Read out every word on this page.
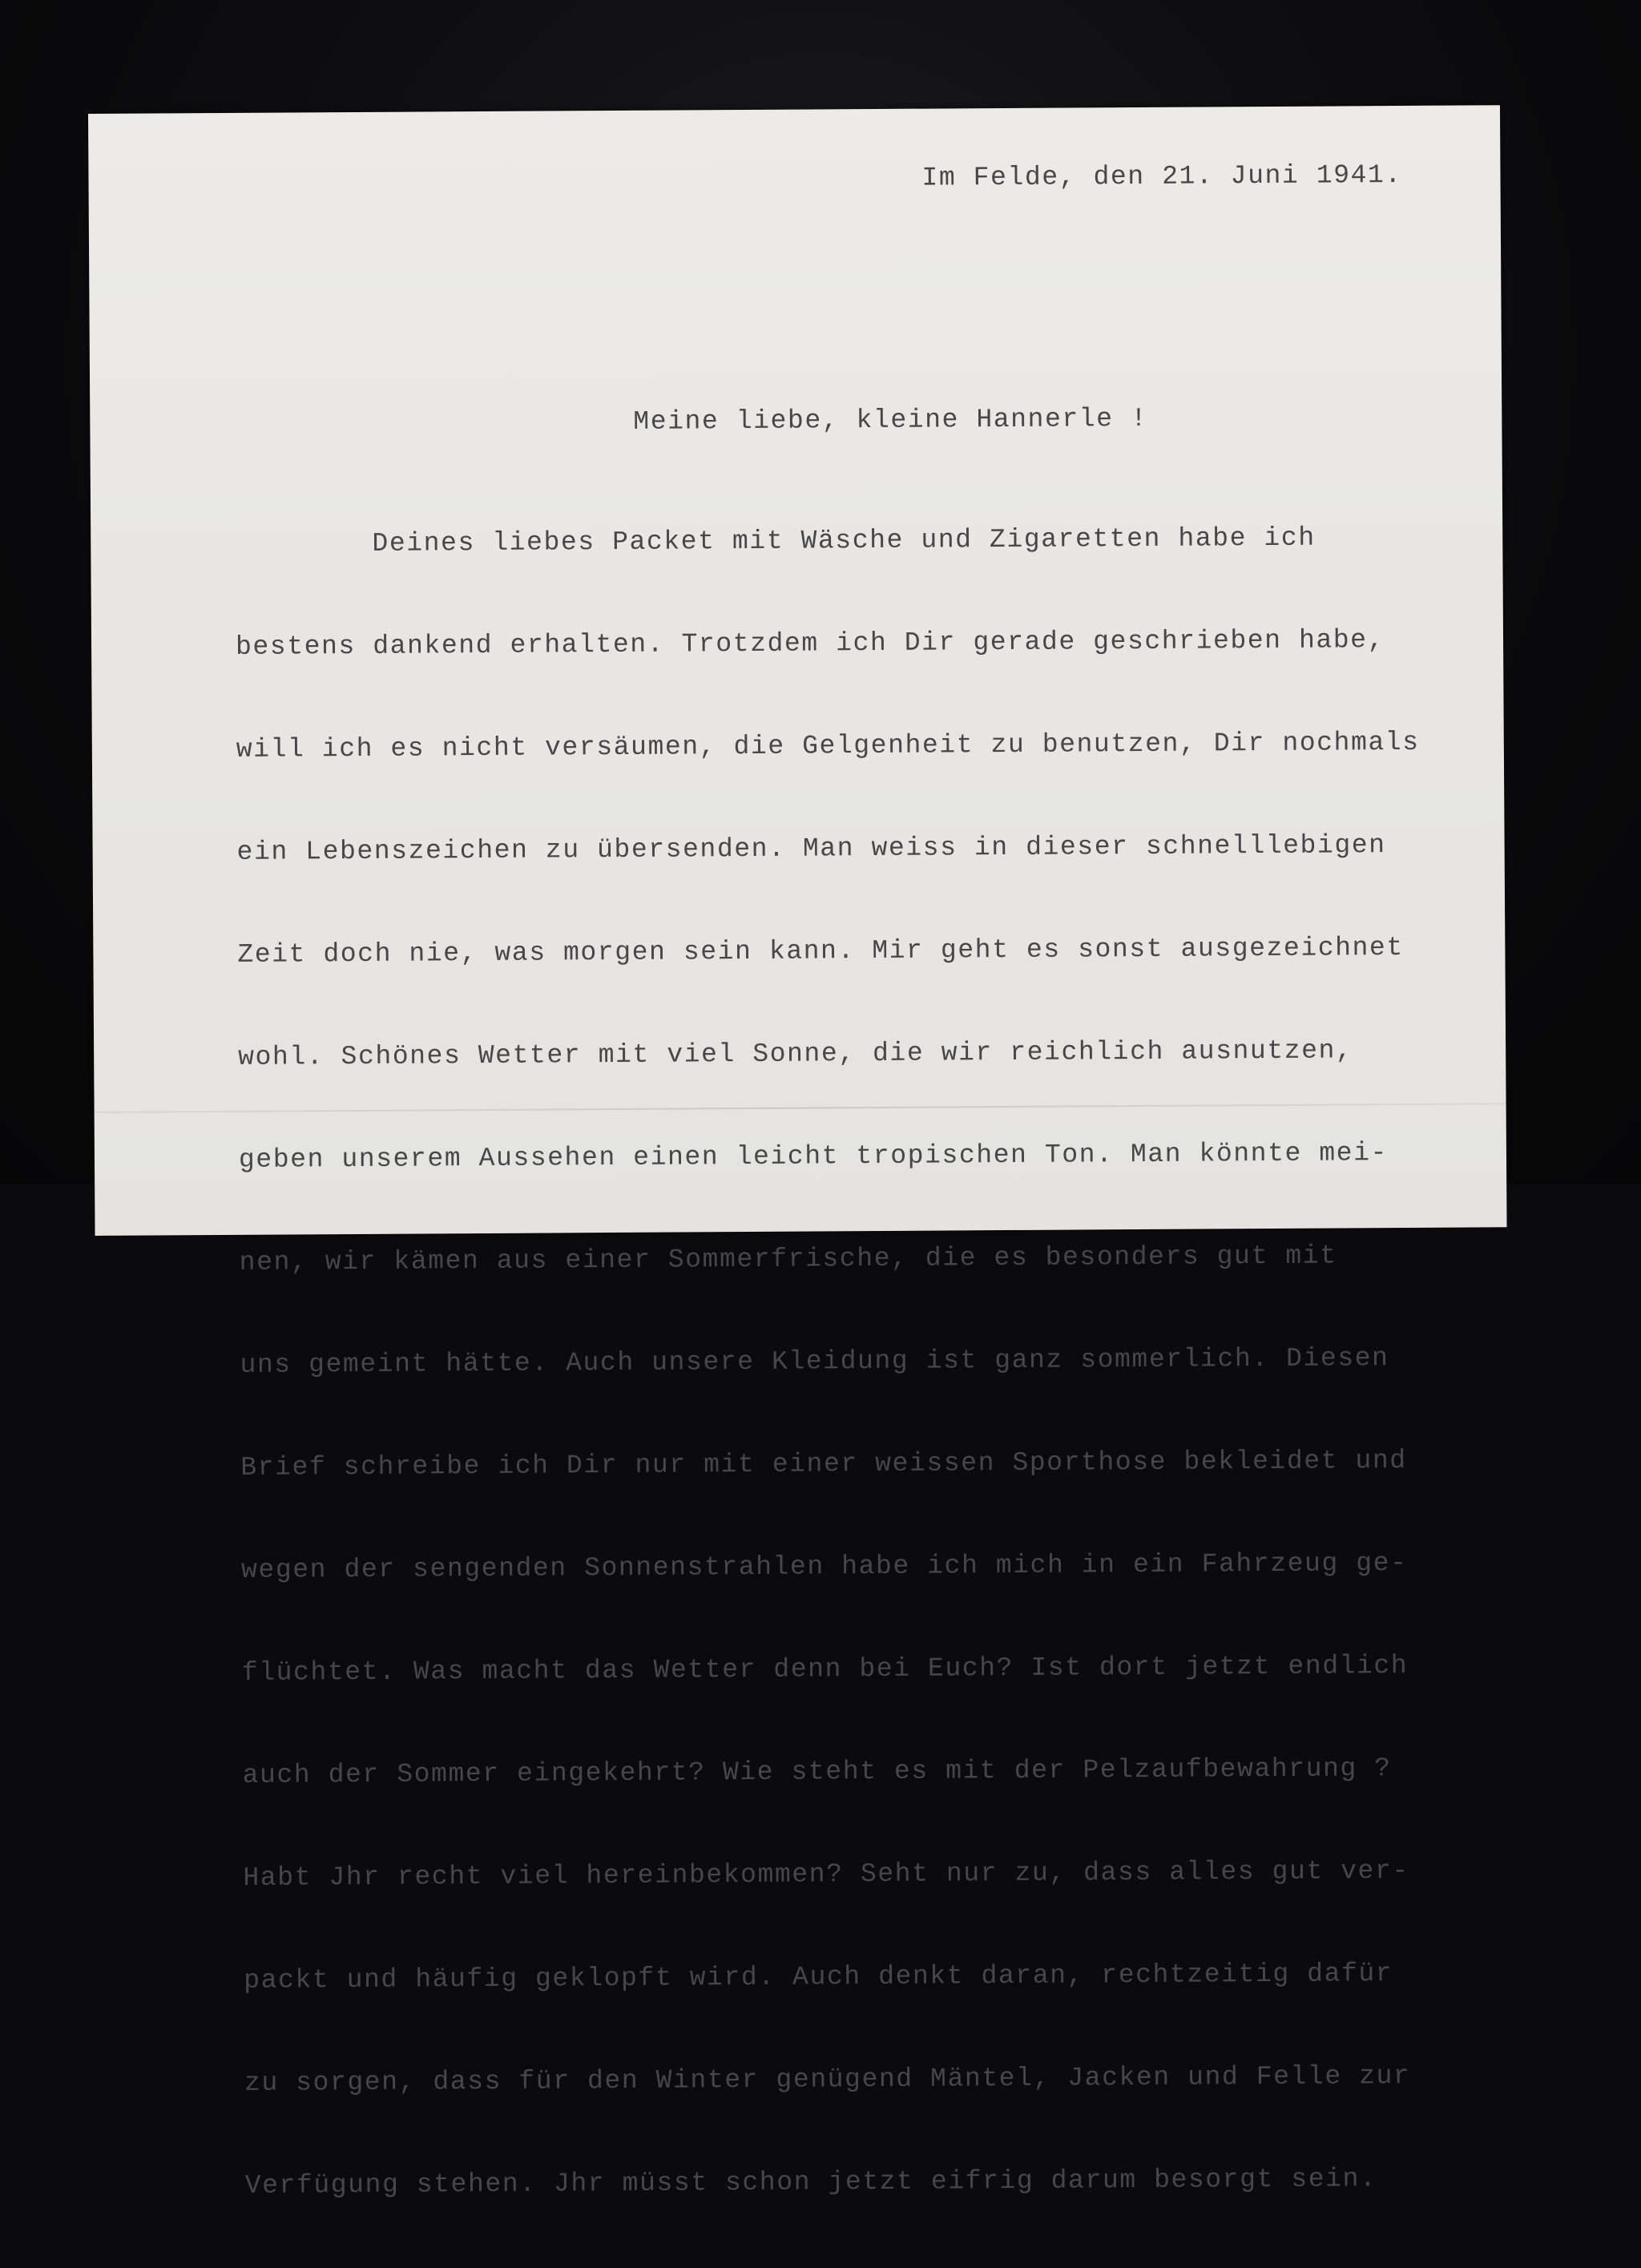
Im Felde, den 21. Juni 1941.
Meine liebe, kleine Hannerle !

Deines liebes Packet mit Wäsche und Zigaretten habe ich

bestens dankend erhalten. Trotzdem ich Dir gerade geschrieben habe,

will ich es nicht versäumen, die Gelgenheit zu benutzen, Dir nochmals

ein Lebenszeichen zu übersenden. Man weiss in dieser schnelllebigen

Zeit doch nie, was morgen sein kann. Mir geht es sonst ausgezeichnet

wohl. Schönes Wetter mit viel Sonne, die wir reichlich ausnutzen,

geben unserem Aussehen einen leicht tropischen Ton. Man könnte mei-

nen, wir kämen aus einer Sommerfrische, die es besonders gut mit

uns gemeint hätte. Auch unsere Kleidung ist ganz sommerlich. Diesen

Brief schreibe ich Dir nur mit einer weissen Sporthose bekleidet und

wegen der sengenden Sonnenstrahlen habe ich mich in ein Fahrzeug ge-

flüchtet. Was macht das Wetter denn bei Euch? Ist dort jetzt endlich

auch der Sommer eingekehrt? Wie steht es mit der Pelzaufbewahrung ?

Habt Jhr recht viel hereinbekommen? Seht nur zu, dass alles gut ver-

packt und häufig geklopft wird. Auch denkt daran, rechtzeitig dafür

zu sorgen, dass für den Winter genügend Mäntel, Jacken und Felle zur

Verfügung stehen. Jhr müsst schon jetzt eifrig darum besorgt sein.
